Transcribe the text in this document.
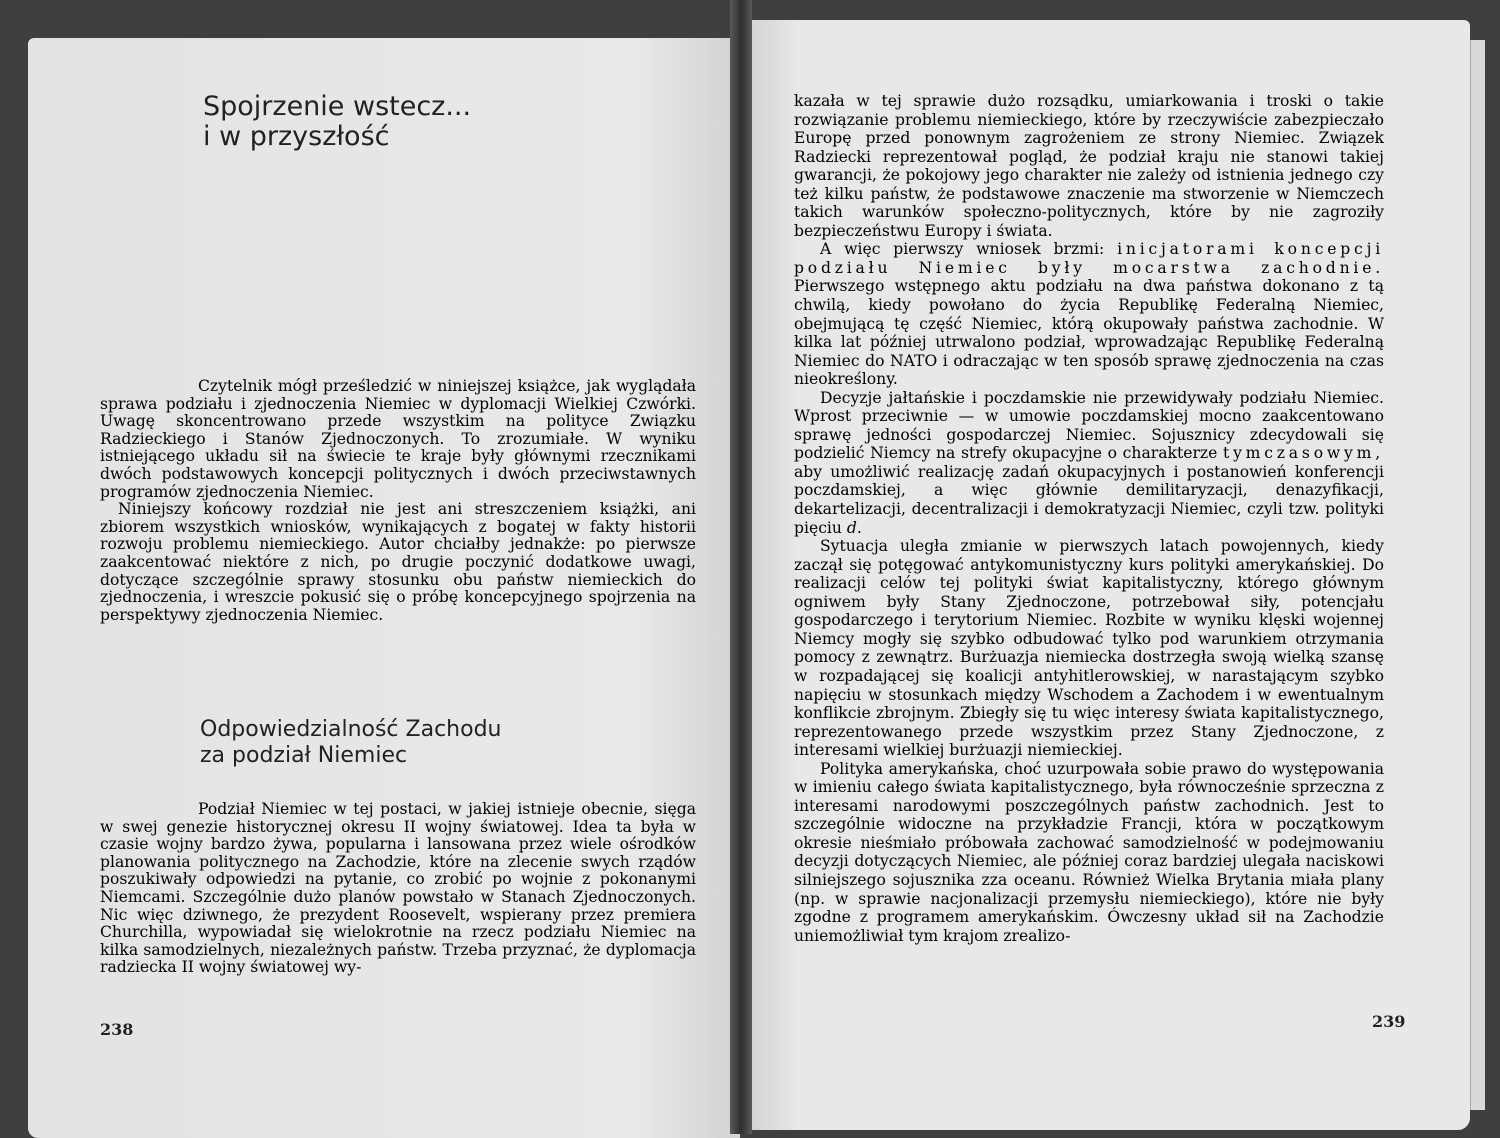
Spojrzenie wstecz...
i w przyszłość

Czytelnik mógł prześledzić w niniejszej książce, jak wyglądała sprawa podziału i zjednoczenia Niemiec w dyplomacji Wielkiej Czwórki. Uwagę skoncentrowano przede wszystkim na polityce Związku Radzieckiego i Stanów Zjednoczonych. To zrozumiałe. W wyniku istniejącego układu sił na świecie te kraje były głównymi rzecznikami dwóch podstawowych koncepcji politycznych i dwóch przeciwstawnych programów zjednoczenia Niemiec.

Niniejszy końcowy rozdział nie jest ani streszczeniem książki, ani zbiorem wszystkich wniosków, wynikających z bogatej w fakty historii rozwoju problemu niemieckiego. Autor chciałby jednakże: po pierwsze zaakcentować niektóre z nich, po drugie poczynić dodatkowe uwagi, dotyczące szczególnie sprawy stosunku obu państw niemieckich do zjednoczenia, i wreszcie pokusić się o próbę koncepcyjnego spojrzenia na perspektywy zjednoczenia Niemiec.

Odpowiedzialność Zachodu
za podział Niemiec

Podział Niemiec w tej postaci, w jakiej istnieje obecnie, sięga w swej genezie historycznej okresu II wojny światowej. Idea ta była w czasie wojny bardzo żywa, popularna i lansowana przez wiele ośrodków planowania politycznego na Zachodzie, które na zlecenie swych rządów poszukiwały odpowiedzi na pytanie, co zrobić po wojnie z pokonanymi Niemcami. Szczególnie dużo planów powstało w Stanach Zjednoczonych. Nic więc dziwnego, że prezydent Roosevelt, wspierany przez premiera Churchilla, wypowiadał się wielokrotnie na rzecz podziału Niemiec na kilka samodzielnych, niezależnych państw. Trzeba przyznać, że dyplomacja radziecka II wojny światowej wy-

238

kazała w tej sprawie dużo rozsądku, umiarkowania i troski o takie rozwiązanie problemu niemieckiego, które by rzeczywiście zabezpieczało Europę przed ponownym zagrożeniem ze strony Niemiec. Związek Radziecki reprezentował pogląd, że podział kraju nie stanowi takiej gwarancji, że pokojowy jego charakter nie zależy od istnienia jednego czy też kilku państw, że podstawowe znaczenie ma stworzenie w Niemczech takich warunków społeczno-politycznych, które by nie zagroziły bezpieczeństwu Europy i świata.

A więc pierwszy wniosek brzmi: inicjatorami koncepcji podziału Niemiec były mocarstwa zachodnie. Pierwszego wstępnego aktu podziału na dwa państwa dokonano z tą chwilą, kiedy powołano do życia Republikę Federalną Niemiec, obejmującą tę część Niemiec, którą okupowały państwa zachodnie. W kilka lat później utrwalono podział, wprowadzając Republikę Federalną Niemiec do NATO i odraczając w ten sposób sprawę zjednoczenia na czas nieokreślony.

Decyzje jałtańskie i poczdamskie nie przewidywały podziału Niemiec. Wprost przeciwnie — w umowie poczdamskiej mocno zaakcentowano sprawę jedności gospodarczej Niemiec. Sojusznicy zdecydowali się podzielić Niemcy na strefy okupacyjne o charakterze tymczasowym, aby umożliwić realizację zadań okupacyjnych i postanowień konferencji poczdamskiej, a więc głównie demilitaryzacji, denazyfikacji, dekartelizacji, decentralizacji i demokratyzacji Niemiec, czyli tzw. polityki pięciu d.

Sytuacja uległa zmianie w pierwszych latach powojennych, kiedy zaczął się potęgować antykomunistyczny kurs polityki amerykańskiej. Do realizacji celów tej polityki świat kapitalistyczny, którego głównym ogniwem były Stany Zjednoczone, potrzebował siły, potencjału gospodarczego i terytorium Niemiec. Rozbite w wyniku klęski wojennej Niemcy mogły się szybko odbudować tylko pod warunkiem otrzymania pomocy z zewnątrz. Burżuazja niemiecka dostrzegła swoją wielką szansę w rozpadającej się koalicji antyhitlerowskiej, w narastającym szybko napięciu w stosunkach między Wschodem a Zachodem i w ewentualnym konflikcie zbrojnym. Zbiegły się tu więc interesy świata kapitalistycznego, reprezentowanego przede wszystkim przez Stany Zjednoczone, z interesami wielkiej burżuazji niemieckiej.

Polityka amerykańska, choć uzurpowała sobie prawo do występowania w imieniu całego świata kapitalistycznego, była równocześnie sprzeczna z interesami narodowymi poszczególnych państw zachodnich. Jest to szczególnie widoczne na przykładzie Francji, która w początkowym okresie nieśmiało próbowała zachować samodzielność w podejmowaniu decyzji dotyczących Niemiec, ale później coraz bardziej ulegała naciskowi silniejszego sojusznika zza oceanu. Również Wielka Brytania miała plany (np. w sprawie nacjonalizacji przemysłu niemieckiego), które nie były zgodne z programem amerykańskim. Ówczesny układ sił na Zachodzie uniemożliwiał tym krajom zrealizo-

239
